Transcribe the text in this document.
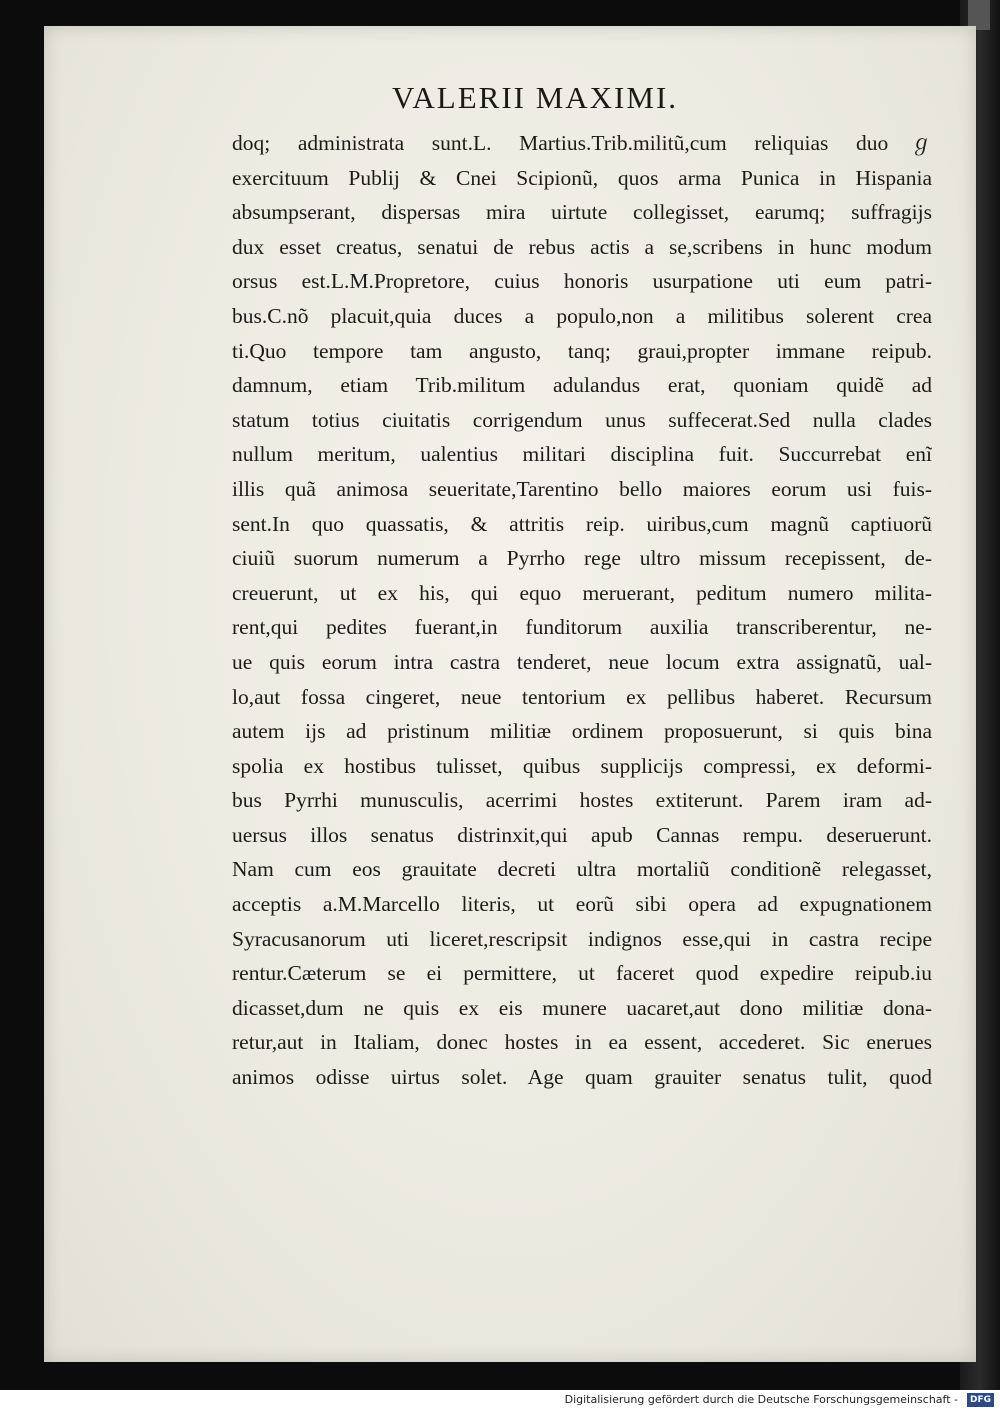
VALERII MAXIMI.
doq; administrata sunt.L. Martius.Trib.militũ,cum reliquias duoℊ
exercituum Publij & Cnei Scipionũ, quos arma Punica in Hispania
absumpserant, dispersas mira uirtute collegisset, earumq; suffragijs
dux esset creatus, senatui de rebus actis a se,scribens in hunc modum
orsus est.L.M.Propretore, cuius honoris usurpatione uti eum patri-
bus.C.nõ placuit,quia duces a populo,non a militibus solerent crea
ti.Quo tempore tam angusto, tanq; graui,propter immane reipub.
damnum, etiam Trib.militum adulandus erat, quoniam quidẽ ad
statum totius ciuitatis corrigendum unus suffecerat.Sed nulla clades
nullum meritum, ualentius militari disciplina fuit. Succurrebat enĩ
illis quã animosa seueritate,Tarentino bello maiores eorum usi fuis-
sent.In quo quassatis, & attritis reip. uiribus,cum magnũ captiuorũ
ciuiũ suorum numerum a Pyrrho rege ultro missum recepissent, de-
creuerunt, ut ex his, qui equo meruerant, peditum numero milita-
rent,qui pedites fuerant,in funditorum auxilia transcriberentur, ne-
ue quis eorum intra castra tenderet, neue locum extra assignatũ, ual-
lo,aut fossa cingeret, neue tentorium ex pellibus haberet. Recursum
autem ijs ad pristinum militiæ ordinem proposuerunt, si quis bina
spolia ex hostibus tulisset, quibus supplicijs compressi, ex deformi-
bus Pyrrhi munusculis, acerrimi hostes extiterunt. Parem iram ad-
uersus illos senatus distrinxit,qui apub Cannas rempu. deseruerunt.
Nam cum eos grauitate decreti ultra mortaliũ conditionẽ relegasset,
acceptis a.M.Marcello literis, ut eorũ sibi opera ad expugnationem
Syracusanorum uti liceret,rescripsit indignos esse,qui in castra recipe
rentur.Cæterum se ei permittere, ut faceret quod expedire reipub.iu
dicasset,dum ne quis ex eis munere uacaret,aut dono militiæ dona-
retur,aut in Italiam, donec hostes in ea essent, accederet. Sic enerues
animos odisse uirtus solet. Age quam grauiter senatus tulit, quod
Digitalisierung gefördert durch die Deutsche Forschungsgemeinschaft -	DFG
